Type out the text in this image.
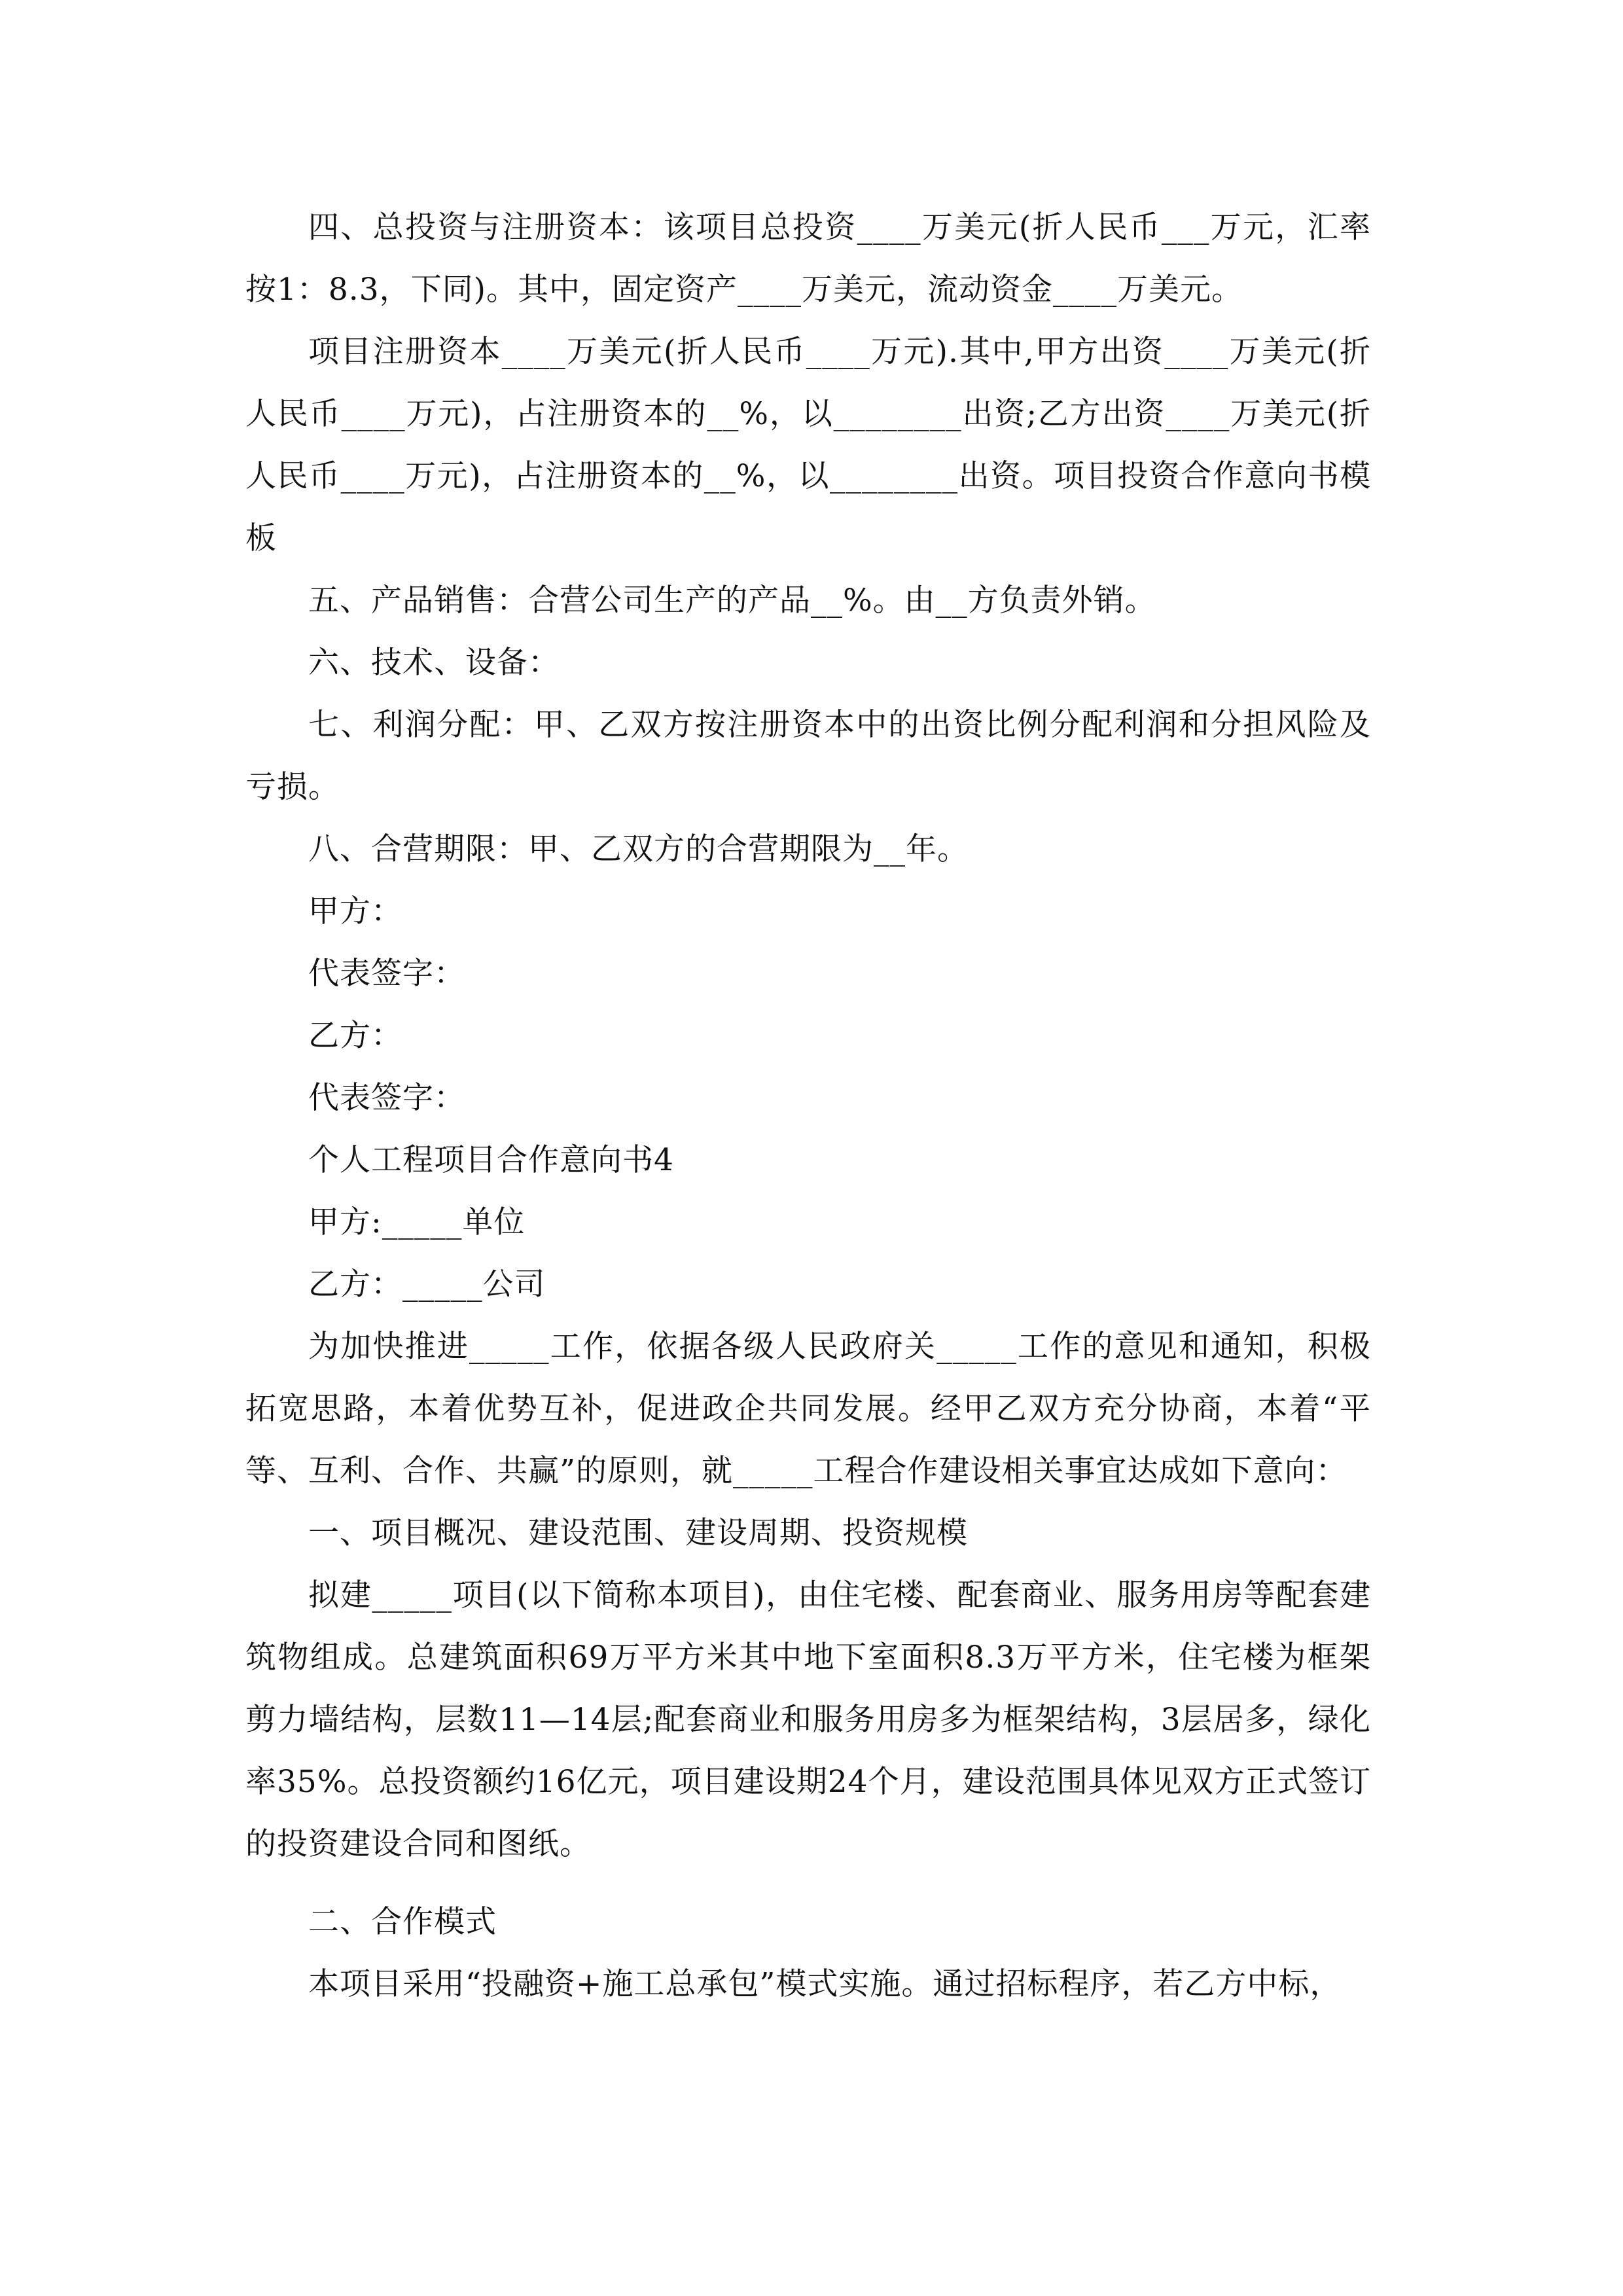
四、总投资与注册资本：该项目总投资____万美元(折人民币___万元，汇率按1：8.3，下同)。其中，固定资产____万美元，流动资金____万美元。

项目注册资本____万美元(折人民币____万元).其中,甲方出资____万美元(折人民币____万元)，占注册资本的__%，以________出资;乙方出资____万美元(折人民币____万元)，占注册资本的__%，以________出资。项目投资合作意向书模板

五、产品销售：合营公司生产的产品__%。由__方负责外销。

六、技术、设备：

七、利润分配：甲、乙双方按注册资本中的出资比例分配利润和分担风险及亏损。

八、合营期限：甲、乙双方的合营期限为__年。

甲方：

代表签字：

乙方：

代表签字：

个人工程项目合作意向书4

甲方:_____单位

乙方：_____公司

为加快推进_____工作，依据各级人民政府关_____工作的意见和通知，积极拓宽思路，本着优势互补，促进政企共同发展。经甲乙双方充分协商，本着“平等、互利、合作、共赢”的原则，就_____工程合作建设相关事宜达成如下意向：

一、项目概况、建设范围、建设周期、投资规模

拟建_____项目(以下简称本项目)，由住宅楼、配套商业、服务用房等配套建筑物组成。总建筑面积69万平方米其中地下室面积8.3万平方米，住宅楼为框架剪力墙结构，层数11—14层;配套商业和服务用房多为框架结构，3层居多，绿化率35%。总投资额约16亿元，项目建设期24个月，建设范围具体见双方正式签订的投资建设合同和图纸。

二、合作模式

本项目采用“投融资+施工总承包”模式实施。通过招标程序，若乙方中标，
